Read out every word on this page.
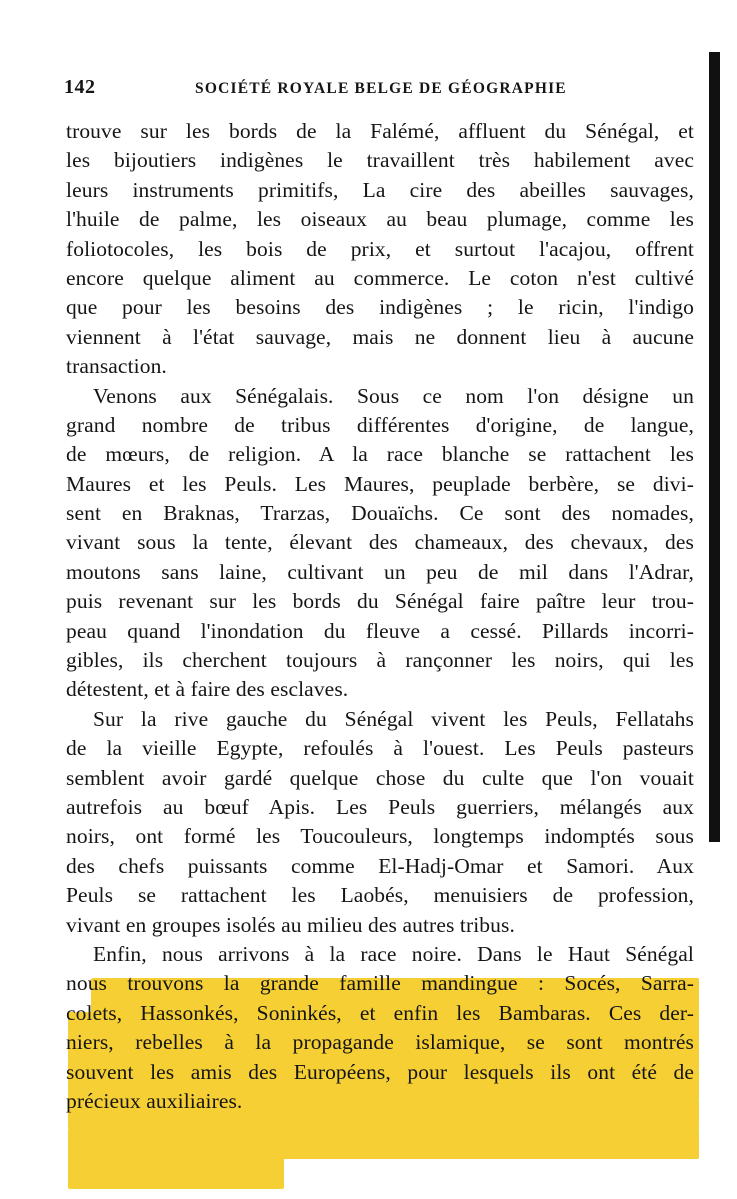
142	SOCIÉTÉ ROYALE BELGE DE GÉOGRAPHIE
trouve sur les bords de la Falémé, affluent du Sénégal, et
les bijoutiers indigènes le travaillent très habilement avec
leurs instruments primitifs, La cire des abeilles sauvages,
l'huile de palme, les oiseaux au beau plumage, comme les
foliotocoles, les bois de prix, et surtout l'acajou, offrent
encore quelque aliment au commerce. Le coton n'est cultivé
que pour les besoins des indigènes ; le ricin, l'indigo
viennent à l'état sauvage, mais ne donnent lieu à aucune
transaction.
Venons aux Sénégalais. Sous ce nom l'on désigne un
grand nombre de tribus différentes d'origine, de langue,
de mœurs, de religion. A la race blanche se rattachent les
Maures et les Peuls. Les Maures, peuplade berbère, se divi-
sent en Braknas, Trarzas, Douaïchs. Ce sont des nomades,
vivant sous la tente, élevant des chameaux, des chevaux, des
moutons sans laine, cultivant un peu de mil dans l'Adrar,
puis revenant sur les bords du Sénégal faire paître leur trou-
peau quand l'inondation du fleuve a cessé. Pillards incorri-
gibles, ils cherchent toujours à rançonner les noirs, qui les
détestent, et à faire des esclaves.
Sur la rive gauche du Sénégal vivent les Peuls, Fellatahs
de la vieille Egypte, refoulés à l'ouest. Les Peuls pasteurs
semblent avoir gardé quelque chose du culte que l'on vouait
autrefois au bœuf Apis. Les Peuls guerriers, mélangés aux
noirs, ont formé les Toucouleurs, longtemps indomptés sous
des chefs puissants comme El-Hadj-Omar et Samori. Aux
Peuls se rattachent les Laobés, menuisiers de profession,
vivant en groupes isolés au milieu des autres tribus.
Enfin, nous arrivons à la race noire. Dans le Haut Sénégal
nous trouvons la grande famille mandingue : Socés, Sarra-
colets, Hassonkés, Soninkés, et enfin les Bambaras. Ces der-
niers, rebelles à la propagande islamique, se sont montrés
souvent les amis des Européens, pour lesquels ils ont été de
précieux auxiliaires.
